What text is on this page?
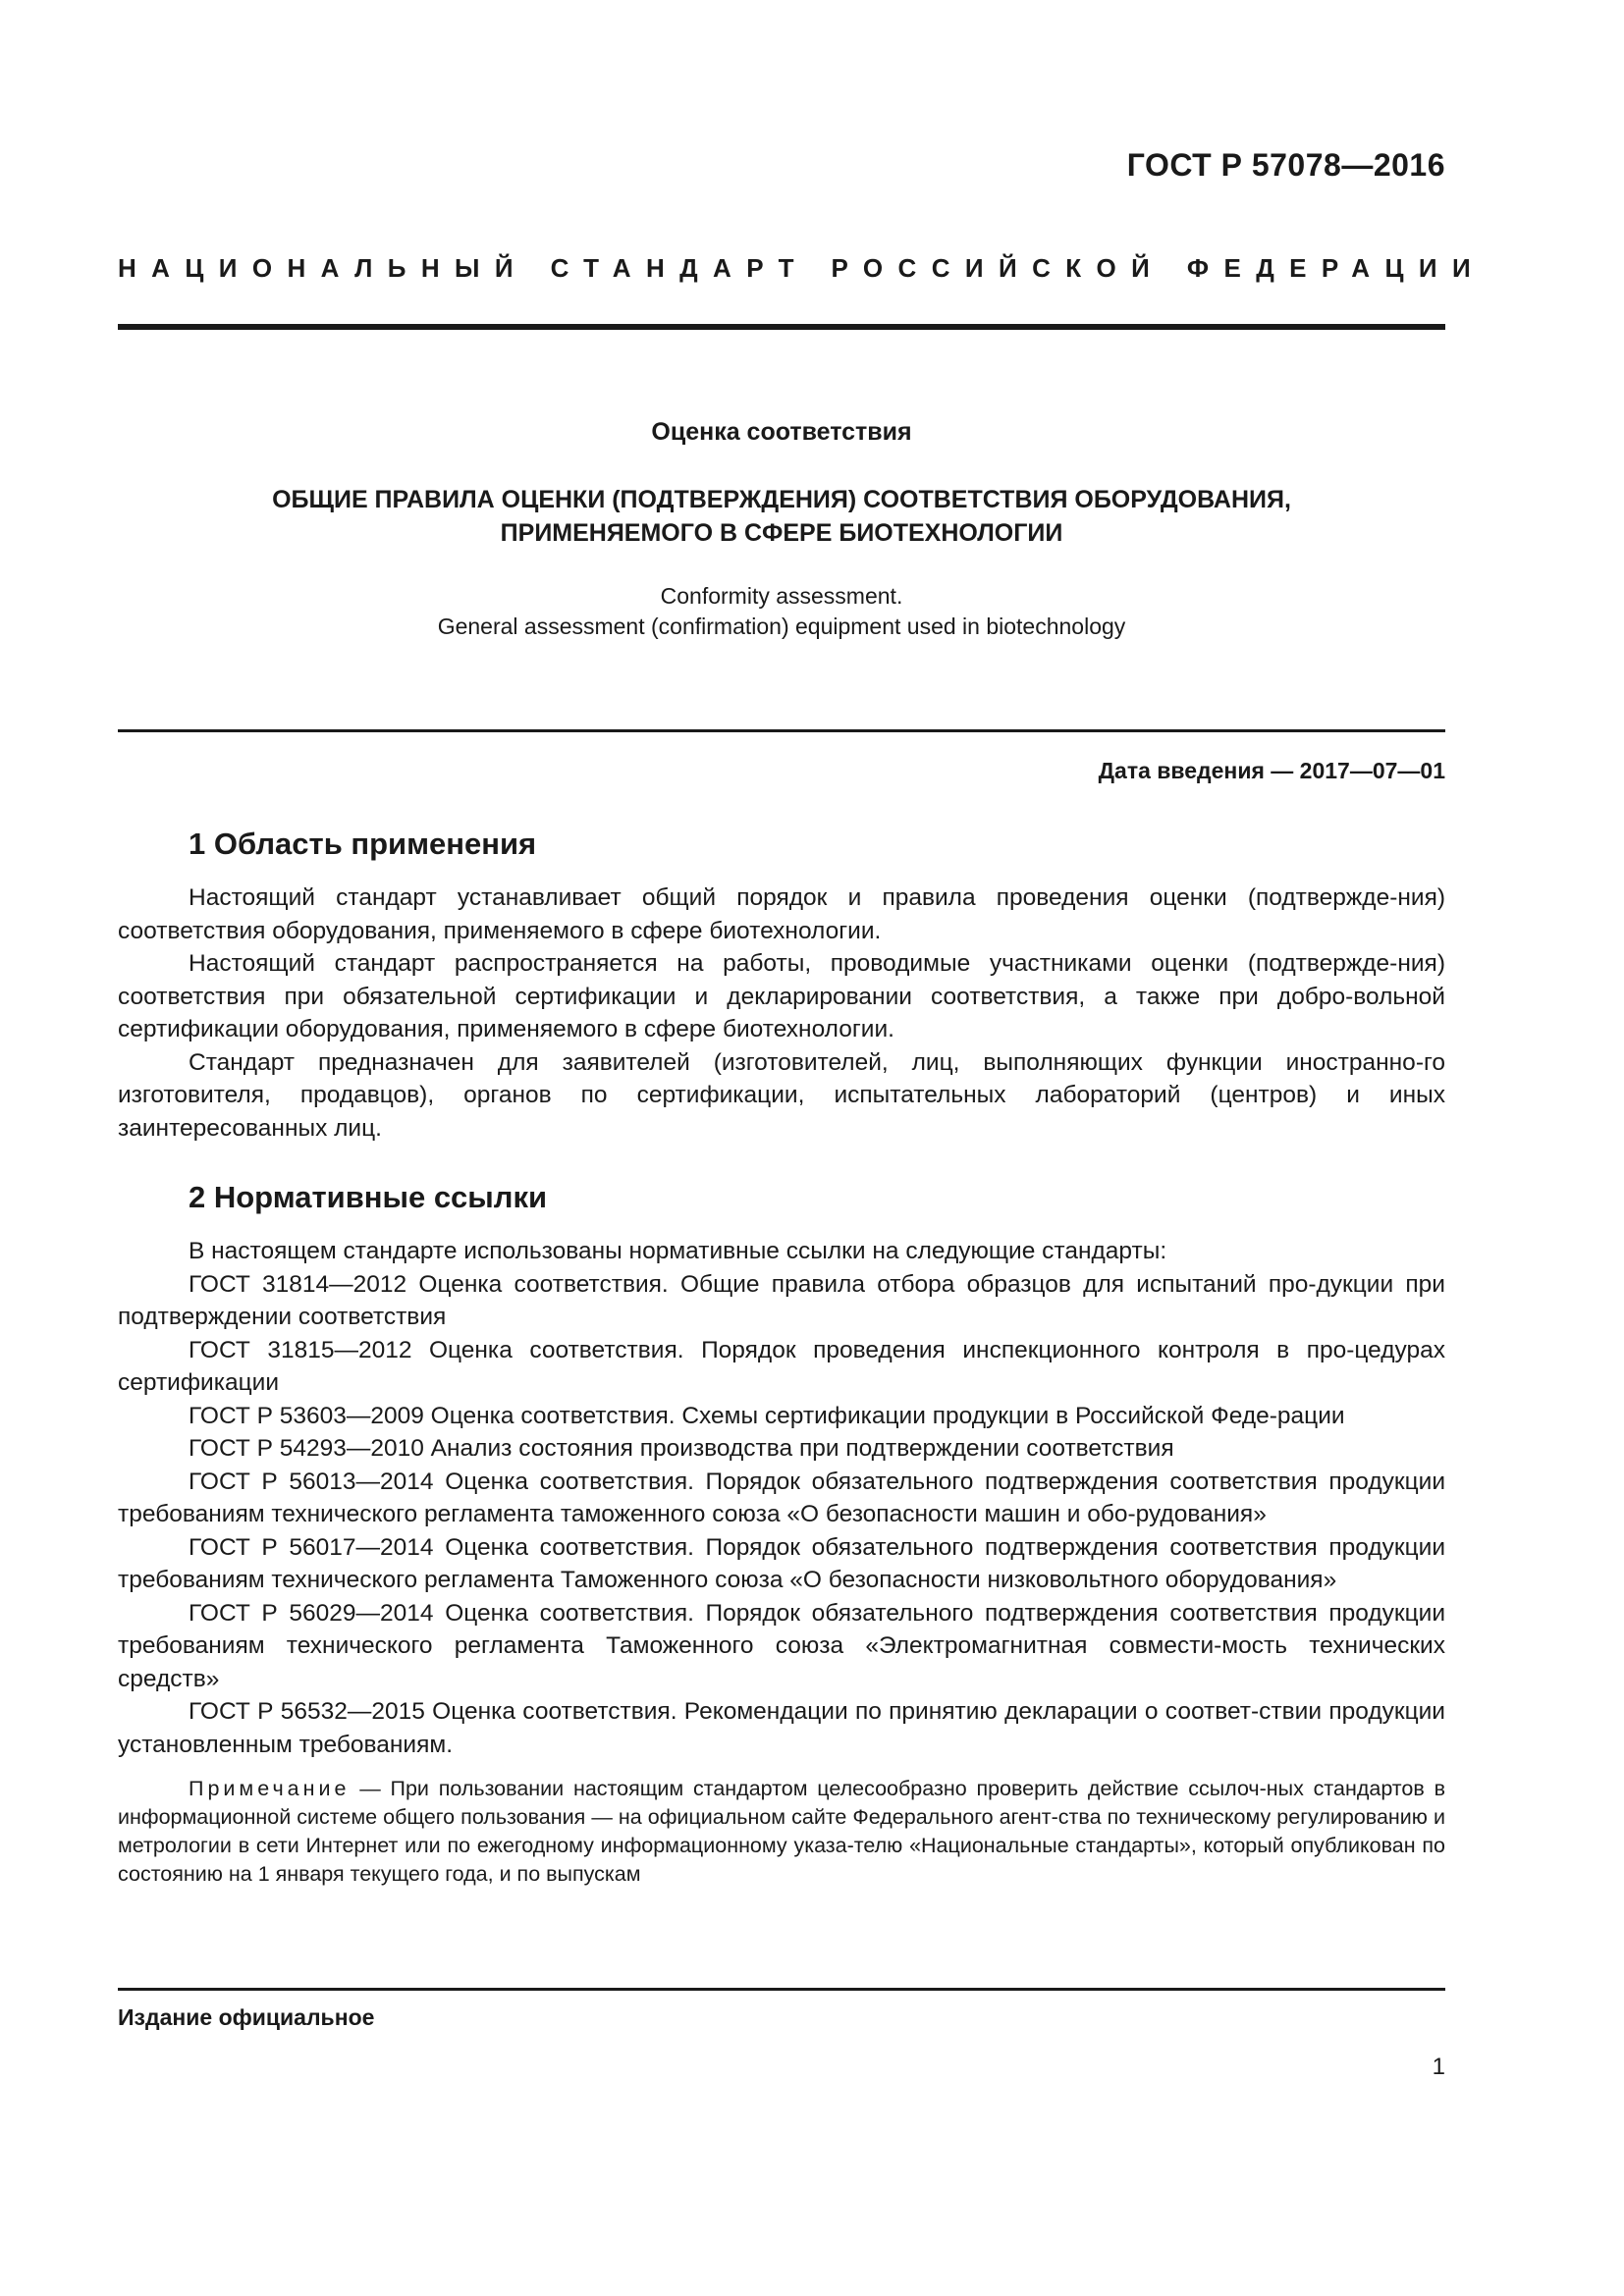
ГОСТ Р 57078—2016
НАЦИОНАЛЬНЫЙ СТАНДАРТ РОССИЙСКОЙ ФЕДЕРАЦИИ
Оценка соответствия
ОБЩИЕ ПРАВИЛА ОЦЕНКИ (ПОДТВЕРЖДЕНИЯ) СООТВЕТСТВИЯ ОБОРУДОВАНИЯ,
ПРИМЕНЯЕМОГО В СФЕРЕ БИОТЕХНОЛОГИИ
Conformity assessment.
General assessment (confirmation) equipment used in biotechnology
Дата введения — 2017—07—01
1 Область применения

Настоящий стандарт устанавливает общий порядок и правила проведения оценки (подтвержде-ния) соответствия оборудования, применяемого в сфере биотехнологии.

Настоящий стандарт распространяется на работы, проводимые участниками оценки (подтвержде-ния) соответствия при обязательной сертификации и декларировании соответствия, а также при добро-вольной сертификации оборудования, применяемого в сфере биотехнологии.

Стандарт предназначен для заявителей (изготовителей, лиц, выполняющих функции иностранно-го изготовителя, продавцов), органов по сертификации, испытательных лабораторий (центров) и иных заинтересованных лиц.

2 Нормативные ссылки

В настоящем стандарте использованы нормативные ссылки на следующие стандарты:

ГОСТ 31814—2012 Оценка соответствия. Общие правила отбора образцов для испытаний про-дукции при подтверждении соответствия

ГОСТ 31815—2012 Оценка соответствия. Порядок проведения инспекционного контроля в про-цедурах сертификации

ГОСТ Р 53603—2009 Оценка соответствия. Схемы сертификации продукции в Российской Феде-рации

ГОСТ Р 54293—2010 Анализ состояния производства при подтверждении соответствия

ГОСТ Р 56013—2014 Оценка соответствия. Порядок обязательного подтверждения соответствия продукции требованиям технического регламента таможенного союза «О безопасности машин и обо-рудования»

ГОСТ Р 56017—2014 Оценка соответствия. Порядок обязательного подтверждения соответствия продукции требованиям технического регламента Таможенного союза «О безопасности низковольтного оборудования»

ГОСТ Р 56029—2014 Оценка соответствия. Порядок обязательного подтверждения соответствия продукции требованиям технического регламента Таможенного союза «Электромагнитная совмести-мость технических средств»

ГОСТ Р 56532—2015 Оценка соответствия. Рекомендации по принятию декларации о соответ-ствии продукции установленным требованиям.

Примечание — При пользовании настоящим стандартом целесообразно проверить действие ссылоч-ных стандартов в информационной системе общего пользования — на официальном сайте Федерального агент-ства по техническому регулированию и метрологии в сети Интернет или по ежегодному информационному указа-телю «Национальные стандарты», который опубликован по состоянию на 1 января текущего года, и по выпускам
Издание официальное
1
